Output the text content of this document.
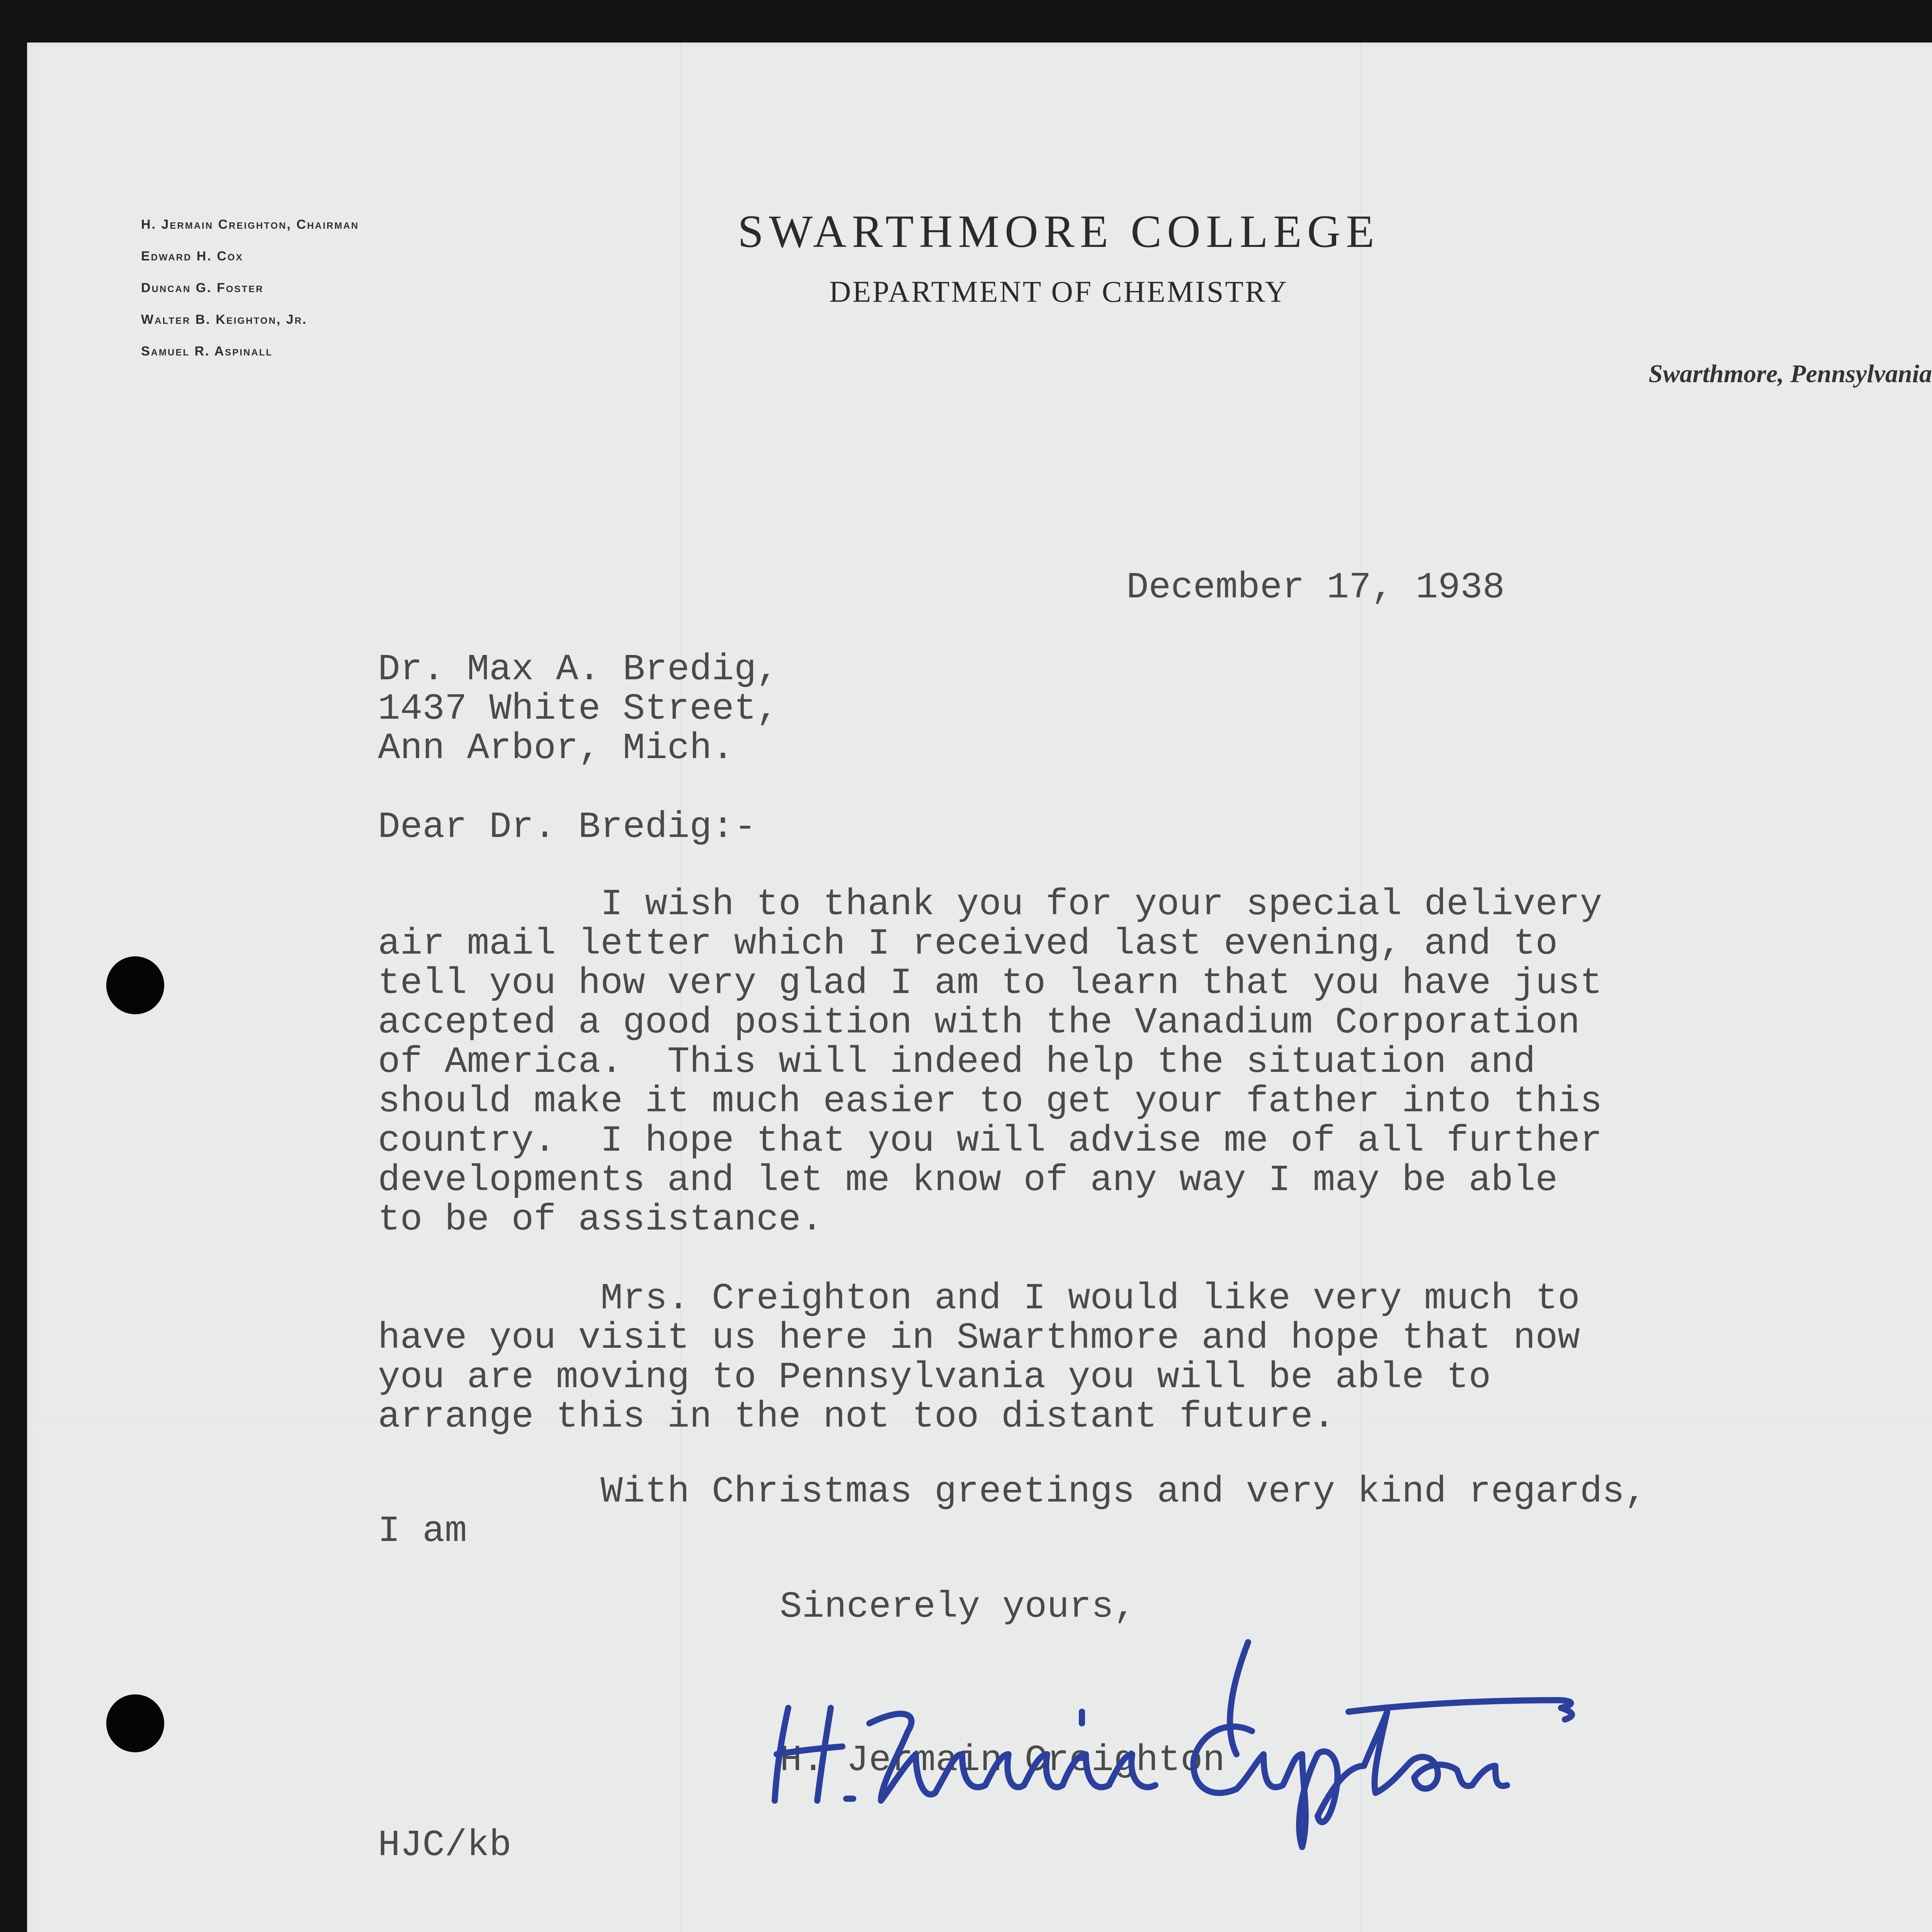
H. Jermain Creighton, Chairman
Edward H. Cox
Duncan G. Foster
Walter B. Keighton, Jr.
Samuel R. Aspinall
SWARTHMORE COLLEGE
DEPARTMENT OF CHEMISTRY
Swarthmore, Pennsylvania

December 17, 1938

Dr. Max A. Bredig,
1437 White Street,
Ann Arbor, Mich.

Dear Dr. Bredig:-

I wish to thank you for your special delivery
air mail letter which I received last evening, and to
tell you how very glad I am to learn that you have just
accepted a good position with the Vanadium Corporation
of America.  This will indeed help the situation and
should make it much easier to get your father into this
country.  I hope that you will advise me of all further
developments and let me know of any way I may be able
to be of assistance.
Mrs. Creighton and I would like very much to
have you visit us here in Swarthmore and hope that now
you are moving to Pennsylvania you will be able to
arrange this in the not too distant future.
With Christmas greetings and very kind regards,
I am

Sincerely yours,

H. Jermain Creighton

HJC/kb
